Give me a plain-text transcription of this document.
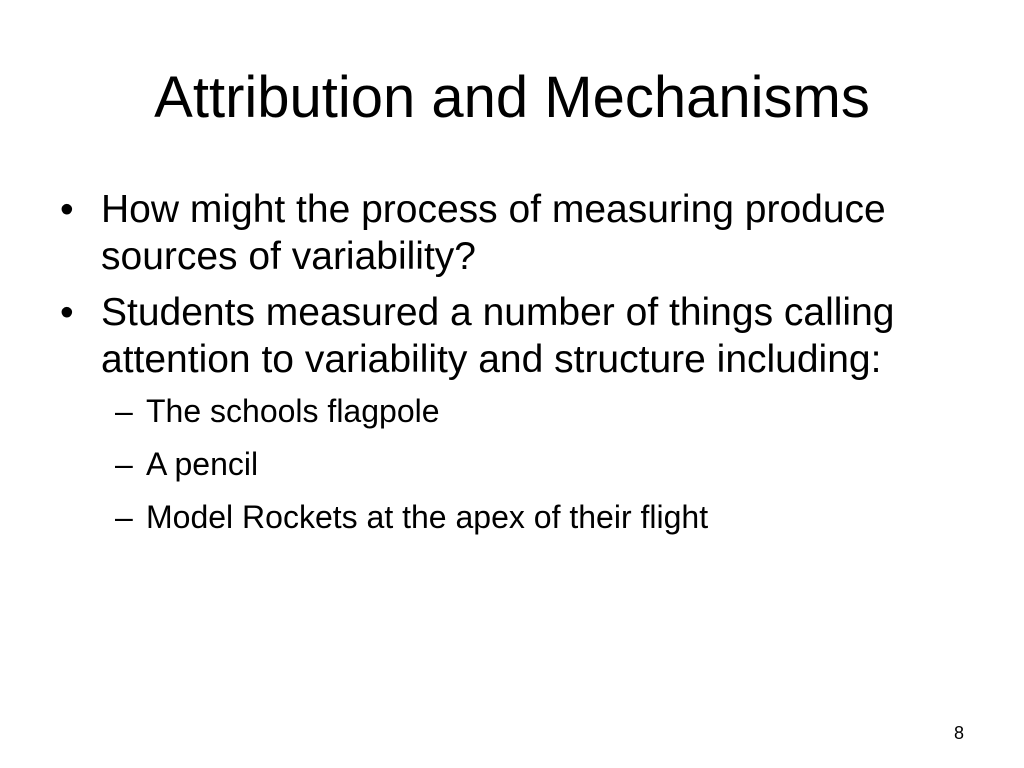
Attribution and Mechanisms
• How might the process of measuring produce sources of variability?
• Students measured a number of things calling attention to variability and structure including:
– The schools flagpole
– A pencil
– Model Rockets at the apex of their flight
8
